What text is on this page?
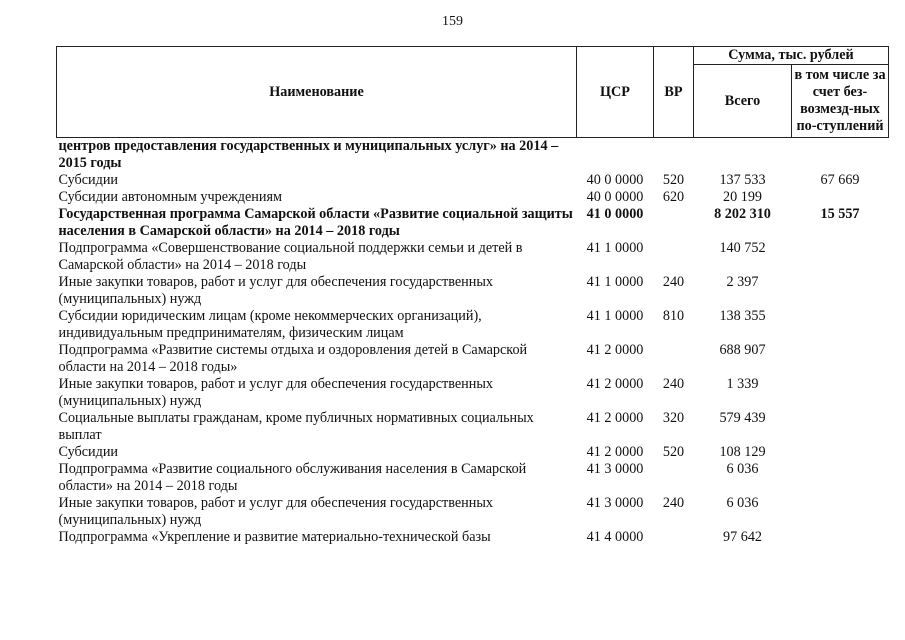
159
Наименование	ЦСР	ВР	Сумма, тыс. рублей	
			Всего	в том числе за счет без-возмезд-ных по-ступлений
центров предоставления государственных и муниципальных услуг» на 2014 – 2015 годы				
Субсидии	40 0 0000	520	137 533	67 669
Субсидии автономным учреждениям	40 0 0000	620	20 199	
Государственная программа Самарской области «Развитие социальной защиты населения в Самарской области» на 2014 – 2018 годы	41 0 0000		8 202 310	15 557
Подпрограмма «Совершенствование социальной поддержки семьи и детей в Самарской области» на 2014 – 2018 годы	41 1 0000		140 752	
Иные закупки товаров, работ и услуг для обеспечения государственных (муниципальных) нужд	41 1 0000	240	2 397	
Субсидии юридическим лицам (кроме некоммерческих организаций), индивидуальным предпринимателям, физическим лицам	41 1 0000	810	138 355	
Подпрограмма «Развитие системы отдыха и оздоровления детей в Самарской области на 2014 – 2018 годы»	41 2 0000		688 907	
Иные закупки товаров, работ и услуг для обеспечения государственных (муниципальных) нужд	41 2 0000	240	1 339	
Социальные выплаты гражданам, кроме публичных нормативных социальных выплат	41 2 0000	320	579 439	
Субсидии	41 2 0000	520	108 129	
Подпрограмма «Развитие социального обслуживания населения в Самарской области» на 2014 – 2018 годы	41 3 0000		6 036	
Иные закупки товаров, работ и услуг для обеспечения государственных (муниципальных) нужд	41 3 0000	240	6 036	
Подпрограмма «Укрепление и развитие материально-технической базы	41 4 0000		97 642	
